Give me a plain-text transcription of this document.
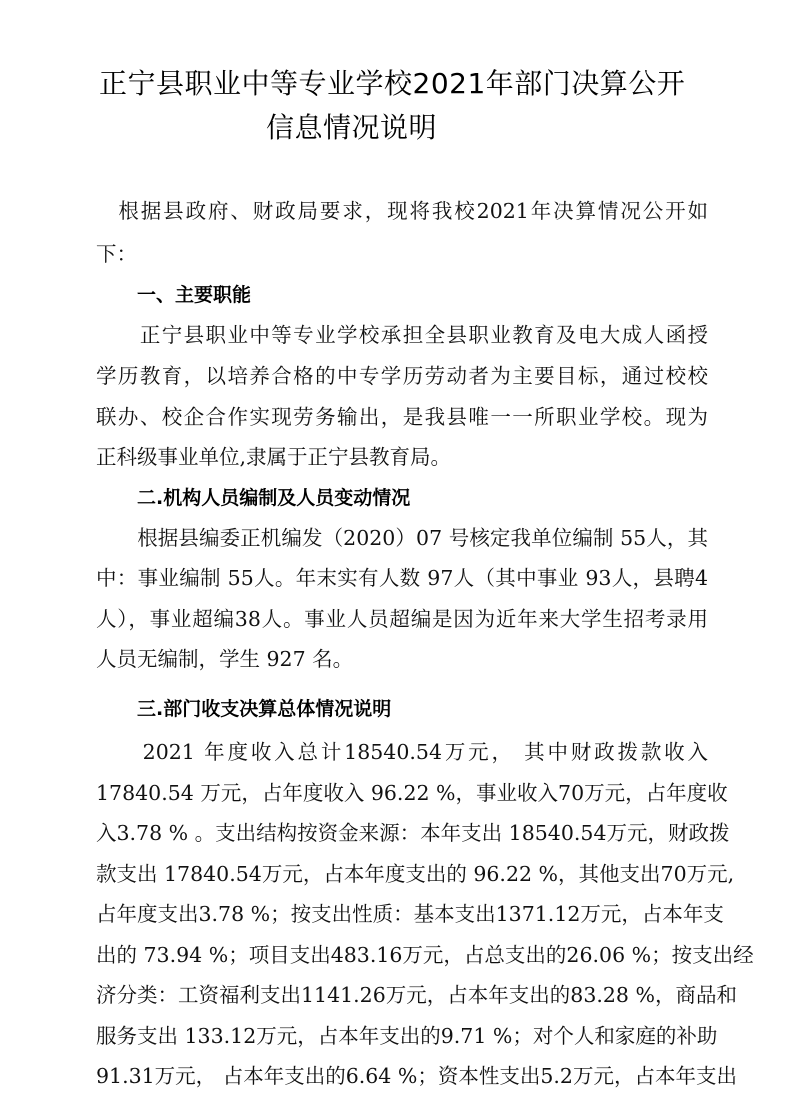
正宁县职业中等专业学校2021年部门决算公开
信息情况说明
　根据县政府、财政局要求，现将我校2021年决算情况公开如
下：
一、主要职能
　　正宁县职业中等专业学校承担全县职业教育及电大成人函授
学历教育，以培养合格的中专学历劳动者为主要目标，通过校校
联办、校企合作实现劳务输出，是我县唯一一所职业学校。现为
正科级事业单位,隶属于正宁县教育局。
二.机构人员编制及人员变动情况
　　根据县编委正机编发（2020）07 号核定我单位编制 55人，其
中：事业编制 55人。年末实有人数 97人（其中事业 93人，县聘4
人），事业超编38人。事业人员超编是因为近年来大学生招考录用
人员无编制，学生 927 名。
三.部门收支决算总体情况说明
　　2021 年度收入总计18540.54万元， 其中财政拨款收入
17840.54 万元，占年度收入 96.22 %，事业收入70万元，占年度收
入3.78 % 。支出结构按资金来源：本年支出 18540.54万元，财政拨
款支出 17840.54万元，占本年度支出的 96.22 %，其他支出70万元,
占年度支出3.78 %；按支出性质：基本支出1371.12万元，占本年支
出的 73.94 %；项目支出483.16万元，占总支出的26.06 %；按支出经
济分类：工资福利支出1141.26万元，占本年支出的83.28 %，商品和
服务支出 133.12万元，占本年支出的9.71 %；对个人和家庭的补助
91.31万元， 占本年支出的6.64 %；资本性支出5.2万元，占本年支出
